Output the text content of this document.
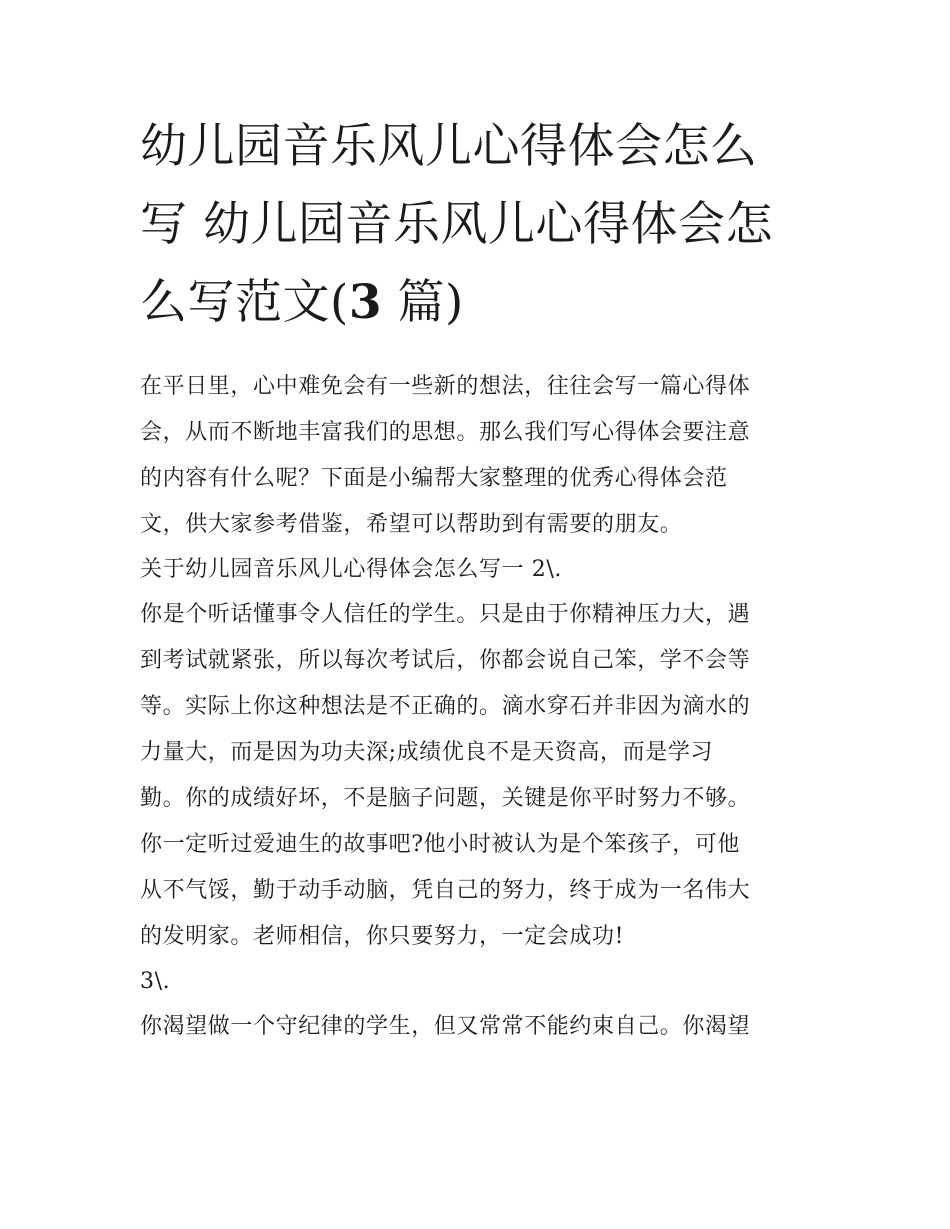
幼儿园音乐风儿心得体会怎么
写 幼儿园音乐风儿心得体会怎
么写范文(3 篇)
在平日里，心中难免会有一些新的想法，往往会写一篇心得体
会，从而不断地丰富我们的思想。那么我们写心得体会要注意
的内容有什么呢？下面是小编帮大家整理的优秀心得体会范
文，供大家参考借鉴，希望可以帮助到有需要的朋友。
关于幼儿园音乐风儿心得体会怎么写一 2\.
你是个听话懂事令人信任的学生。只是由于你精神压力大，遇
到考试就紧张，所以每次考试后，你都会说自己笨，学不会等
等。实际上你这种想法是不正确的。滴水穿石并非因为滴水的
力量大，而是因为功夫深;成绩优良不是天资高，而是学习
勤。你的成绩好坏，不是脑子问题，关键是你平时努力不够。
你一定听过爱迪生的故事吧?他小时被认为是个笨孩子，可他
从不气馁，勤于动手动脑，凭自己的努力，终于成为一名伟大
的发明家。老师相信，你只要努力，一定会成功!
3\.
你渴望做一个守纪律的学生，但又常常不能约束自己。你渴望
